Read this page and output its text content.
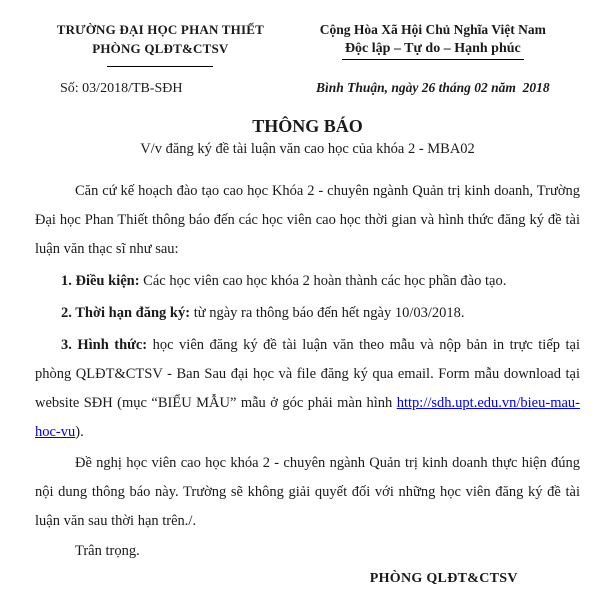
TRƯỜNG ĐẠI HỌC PHAN THIẾT
PHÒNG QLĐT&CTSV
Cộng Hòa Xã Hội Chủ Nghĩa Việt Nam
Độc lập – Tự do – Hạnh phúc
Số: 03/2018/TB-SĐH	Bình Thuận, ngày 26 tháng 02 năm  2018
THÔNG BÁO
V/v đăng ký đề tài luận văn cao học của khóa 2 - MBA02

Căn cứ kế hoạch đào tạo cao học Khóa 2 - chuyên ngành Quản trị kinh doanh, Trường Đại học Phan Thiết thông báo đến các học viên cao học thời gian và hình thức đăng ký đề tài luận văn thạc sĩ như sau:

1. Điều kiện: Các học viên cao học khóa 2 hoàn thành các học phần đào tạo.

2. Thời hạn đăng ký: từ ngày ra thông báo đến hết ngày 10/03/2018.

3. Hình thức: học viên đăng ký đề tài luận văn theo mẫu và nộp bản in trực tiếp tại phòng QLĐT&CTSV - Ban Sau đại học và file đăng ký qua email. Form mẫu download tại website SĐH (mục “BIỂU MẪU” mẫu ở góc phải màn hình http://sdh.upt.edu.vn/bieu-mau-hoc-vu).

Đề nghị học viên cao học khóa 2 - chuyên ngành Quản trị kinh doanh thực hiện đúng nội dung thông báo này. Trường sẽ không giải quyết đối với những học viên đăng ký đề tài luận văn sau thời hạn trên./.

Trân trọng.

PHÒNG QLĐT&CTSV
